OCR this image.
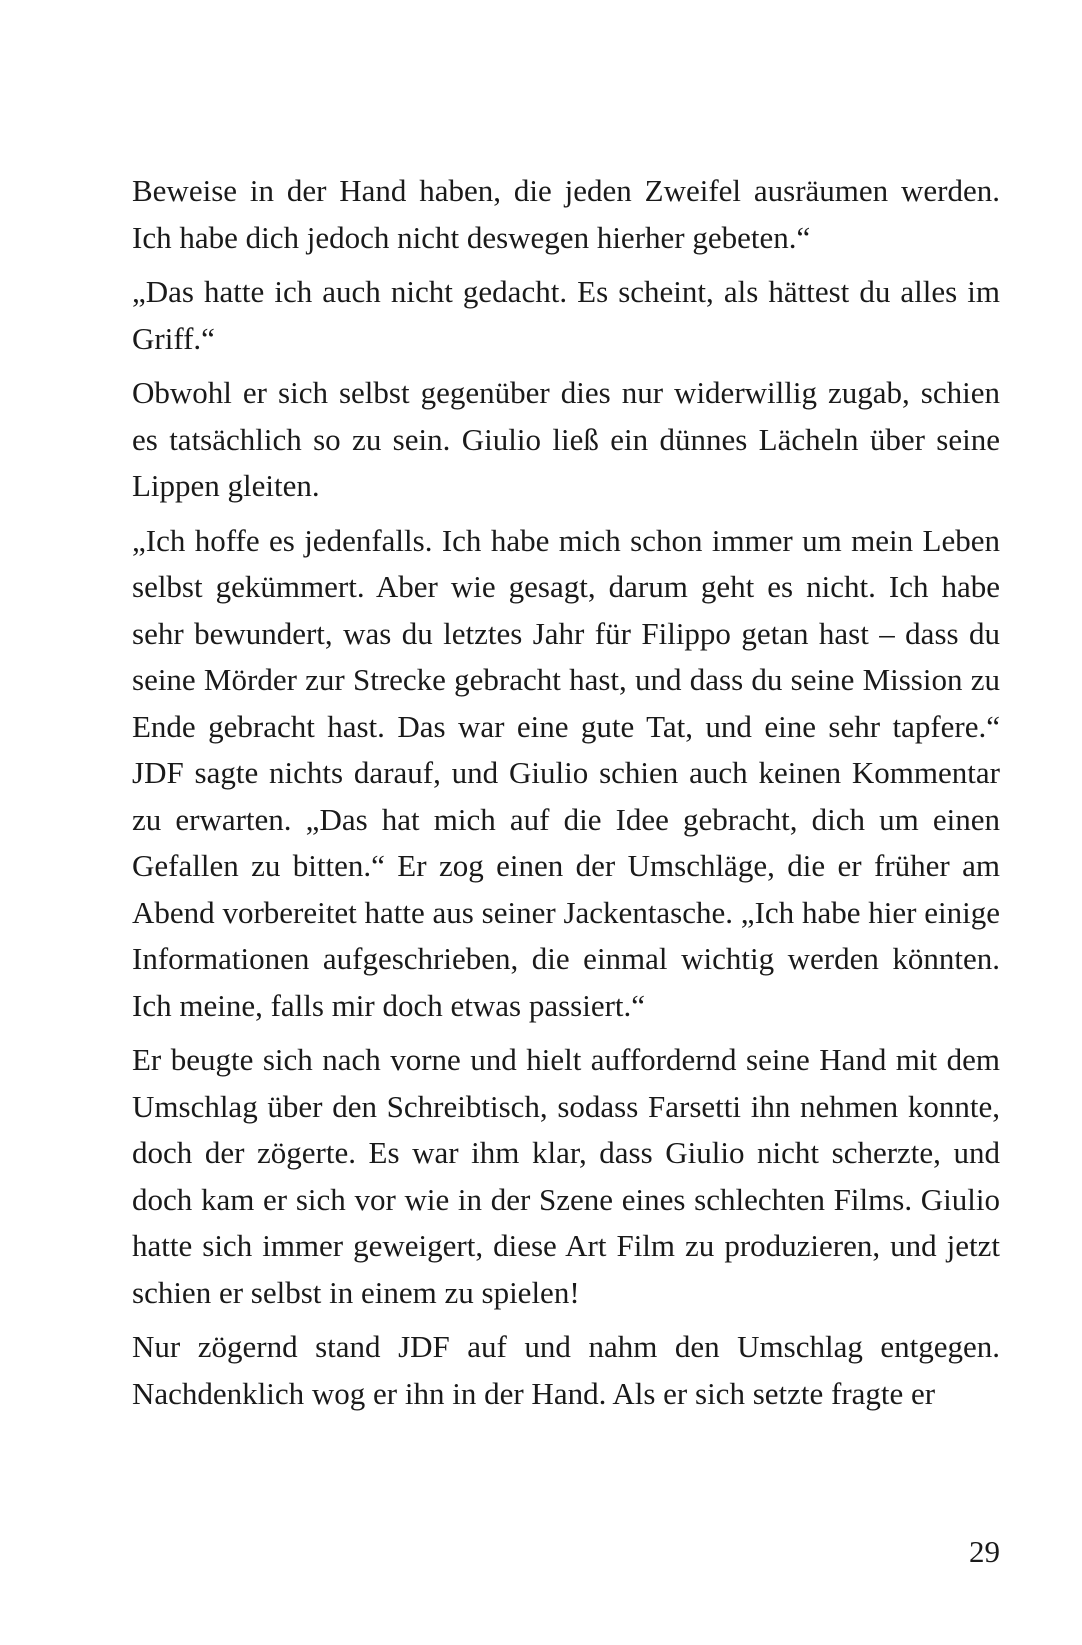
Beweise in der Hand haben, die jeden Zweifel ausräumen werden. Ich habe dich jedoch nicht deswegen hierher gebeten.“

„Das hatte ich auch nicht gedacht. Es scheint, als hättest du alles im Griff.“

Obwohl er sich selbst gegenüber dies nur widerwillig zugab, schien es tatsächlich so zu sein. Giulio ließ ein dünnes Lächeln über seine Lippen gleiten.

„Ich hoffe es jedenfalls. Ich habe mich schon immer um mein Leben selbst gekümmert. Aber wie gesagt, darum geht es nicht. Ich habe sehr bewundert, was du letztes Jahr für Filippo getan hast – dass du seine Mörder zur Strecke gebracht hast, und dass du seine Mission zu Ende gebracht hast. Das war eine gute Tat, und eine sehr tapfere.“ JDF sagte nichts darauf, und Giulio schien auch keinen Kommentar zu erwarten. „Das hat mich auf die Idee gebracht, dich um einen Gefallen zu bitten.“ Er zog einen der Umschläge, die er früher am Abend vorbereitet hatte aus seiner Jackentasche. „Ich habe hier einige Informationen aufgeschrieben, die einmal wichtig werden könnten. Ich meine, falls mir doch etwas passiert.“

Er beugte sich nach vorne und hielt auffordernd seine Hand mit dem Umschlag über den Schreibtisch, sodass Farsetti ihn nehmen konnte, doch der zögerte. Es war ihm klar, dass Giulio nicht scherzte, und doch kam er sich vor wie in der Szene eines schlechten Films. Giulio hatte sich immer geweigert, diese Art Film zu produzieren, und jetzt schien er selbst in einem zu spielen!

Nur zögernd stand JDF auf und nahm den Umschlag entgegen. Nachdenklich wog er ihn in der Hand. Als er sich setzte fragte er

29
